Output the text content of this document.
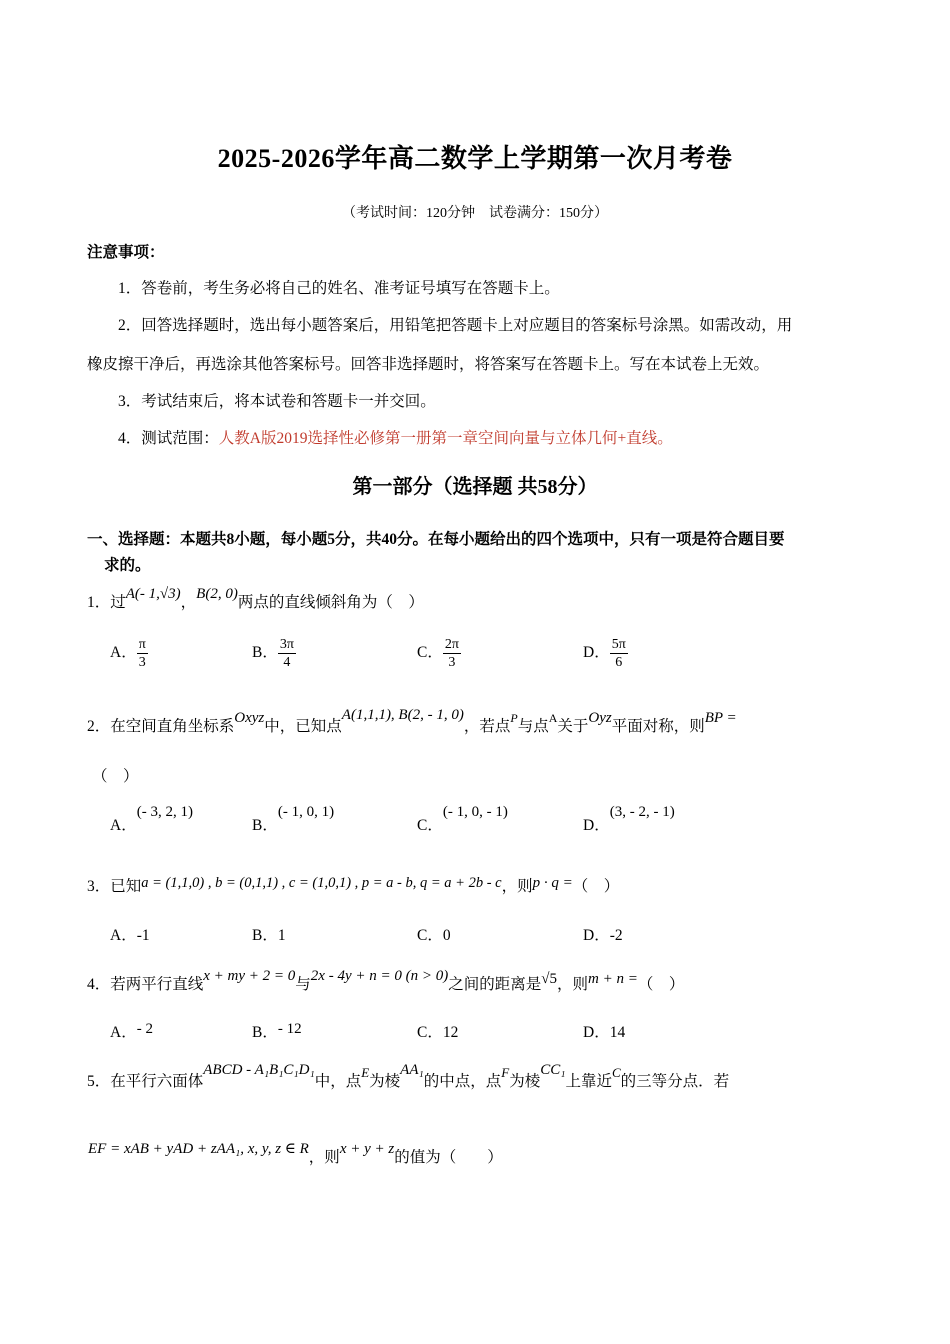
2025-2026学年高二数学上学期第一次月考卷
（考试时间：120分钟　试卷满分：150分）
注意事项：
1．答卷前，考生务必将自己的姓名、准考证号填写在答题卡上。
2．回答选择题时，选出每小题答案后，用铅笔把答题卡上对应题目的答案标号涂黑。如需改动，用
橡皮擦干净后，再选涂其他答案标号。回答非选择题时，将答案写在答题卡上。写在本试卷上无效。
3．考试结束后，将本试卷和答题卡一并交回。
4．测试范围：人教A版2019选择性必修第一册第一章空间向量与立体几何+直线。
第一部分（选择题 共58分）
一、选择题：本题共8小题，每小题5分，共40分。在每小题给出的四个选项中，只有一项是符合题目要
求的。
1．过A(- 1,√3)，B(2, 0)两点的直线倾斜角为（　）
A． $\frac{\pi}{3}$	B． $\frac{3\pi}{4}$	C． $\frac{2\pi}{3}$	D． $\frac{5\pi}{6}$
2．在空间直角坐标系Oxyz中，已知点A(1,1,1), B(2, - 1, 0)，若点$^P$与点$^A$关于Oyz平面对称，则BP =
（　）
A．(- 3, 2, 1)
B．(- 1, 0, 1)
C．(- 1, 0, - 1)
D．(3, - 2, - 1)
3．已知a = (1,1,0) , b = (0,1,1) , c = (1,0,1) , p = a - b, q = a + 2b - c，则p · q =（　）
A．-1	B．1	C．0	D．-2
4．若两平行直线x + my + 2 = 0与2x - 4y + n = 0 (n > 0)之间的距离是√5，则m + n =（　）
A．- 2	B．- 12	C．12	D．14
5．在平行六面体ABCD - A₁B₁C₁D₁中，点$^E$为棱AA₁的中点，点$^F$为棱CC₁上靠近$^C$的三等分点．若
EF = xAB + yAD + zAA₁, x, y, z ∈ R，则x + y + z的值为（　　）
